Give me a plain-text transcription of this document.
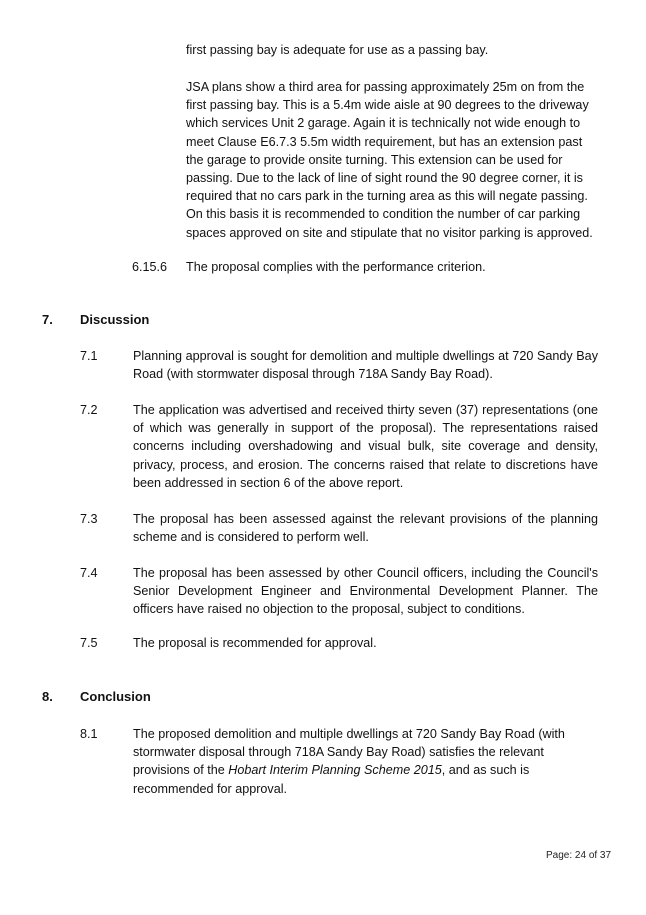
first passing bay is adequate for use as a passing bay.

JSA plans show a third area for passing approximately 25m on from the first passing bay. This is a 5.4m wide aisle at 90 degrees to the driveway which services Unit 2 garage. Again it is technically not wide enough to meet Clause E6.7.3 5.5m width requirement, but has an extension past the garage to provide onsite turning. This extension can be used for passing. Due to the lack of line of sight round the 90 degree corner, it is required that no cars park in the turning area as this will negate passing. On this basis it is recommended to condition the number of car parking spaces approved on site and stipulate that no visitor parking is approved.

6.15.6 The proposal complies with the performance criterion.

7. Discussion

7.1	Planning approval is sought for demolition and multiple dwellings at 720 Sandy Bay Road (with stormwater disposal through 718A Sandy Bay Road).

7.2	The application was advertised and received thirty seven (37) representations (one of which was generally in support of the proposal). The representations raised concerns including overshadowing and visual bulk, site coverage and density, privacy, process, and erosion. The concerns raised that relate to discretions have been addressed in section 6 of the above report.

7.3	The proposal has been assessed against the relevant provisions of the planning scheme and is considered to perform well.

7.4	The proposal has been assessed by other Council officers, including the Council's Senior Development Engineer and Environmental Development Planner. The officers have raised no objection to the proposal, subject to conditions.

7.5	The proposal is recommended for approval.

8. Conclusion

8.1	The proposed demolition and multiple dwellings at 720 Sandy Bay Road (with stormwater disposal through 718A Sandy Bay Road) satisfies the relevant provisions of the Hobart Interim Planning Scheme 2015, and as such is recommended for approval.

Page: 24 of 37
